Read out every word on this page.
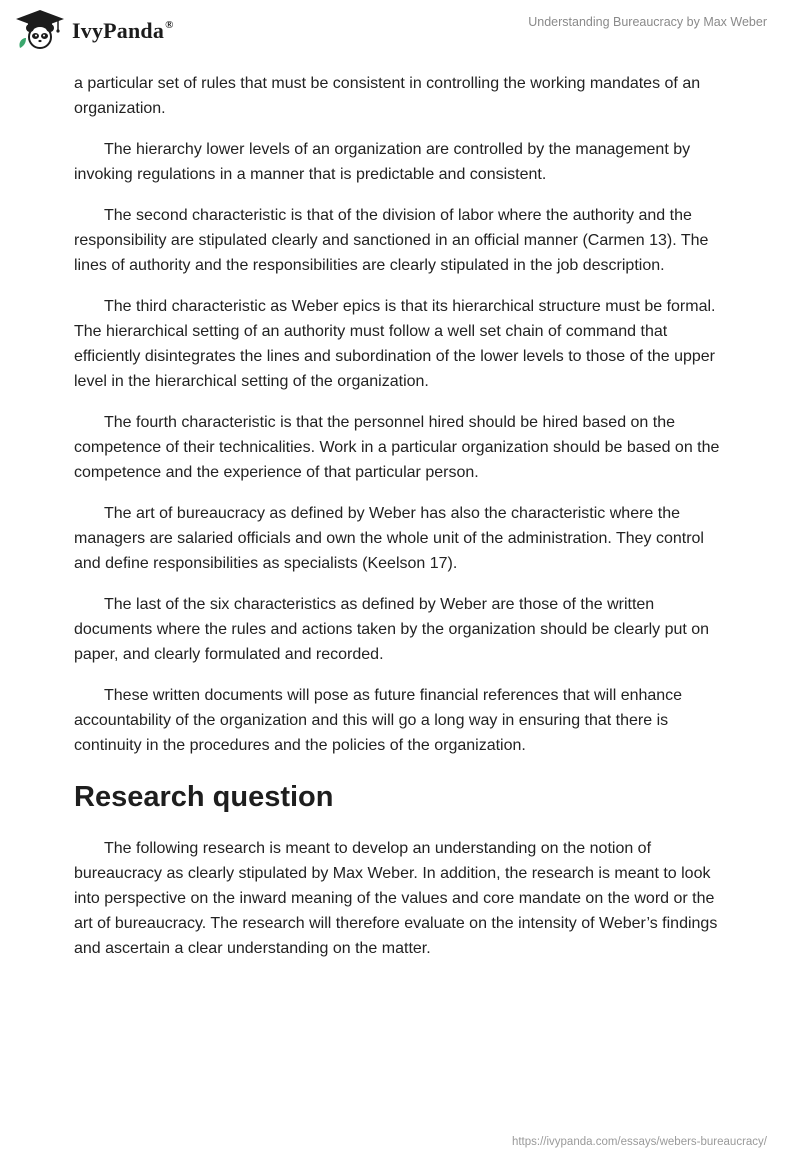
IvyPanda®	Understanding Bureaucracy by Max Weber

a particular set of rules that must be consistent in controlling the working mandates of an organization.

The hierarchy lower levels of an organization are controlled by the management by invoking regulations in a manner that is predictable and consistent.

The second characteristic is that of the division of labor where the authority and the responsibility are stipulated clearly and sanctioned in an official manner (Carmen 13). The lines of authority and the responsibilities are clearly stipulated in the job description.

The third characteristic as Weber epics is that its hierarchical structure must be formal. The hierarchical setting of an authority must follow a well set chain of command that efficiently disintegrates the lines and subordination of the lower levels to those of the upper level in the hierarchical setting of the organization.

The fourth characteristic is that the personnel hired should be hired based on the competence of their technicalities. Work in a particular organization should be based on the competence and the experience of that particular person.

The art of bureaucracy as defined by Weber has also the characteristic where the managers are salaried officials and own the whole unit of the administration. They control and define responsibilities as specialists (Keelson 17).

The last of the six characteristics as defined by Weber are those of the written documents where the rules and actions taken by the organization should be clearly put on paper, and clearly formulated and recorded.

These written documents will pose as future financial references that will enhance accountability of the organization and this will go a long way in ensuring that there is continuity in the procedures and the policies of the organization.

Research question

The following research is meant to develop an understanding on the notion of bureaucracy as clearly stipulated by Max Weber. In addition, the research is meant to look into perspective on the inward meaning of the values and core mandate on the word or the art of bureaucracy. The research will therefore evaluate on the intensity of Weber’s findings and ascertain a clear understanding on the matter.

https://ivypanda.com/essays/webers-bureaucracy/
